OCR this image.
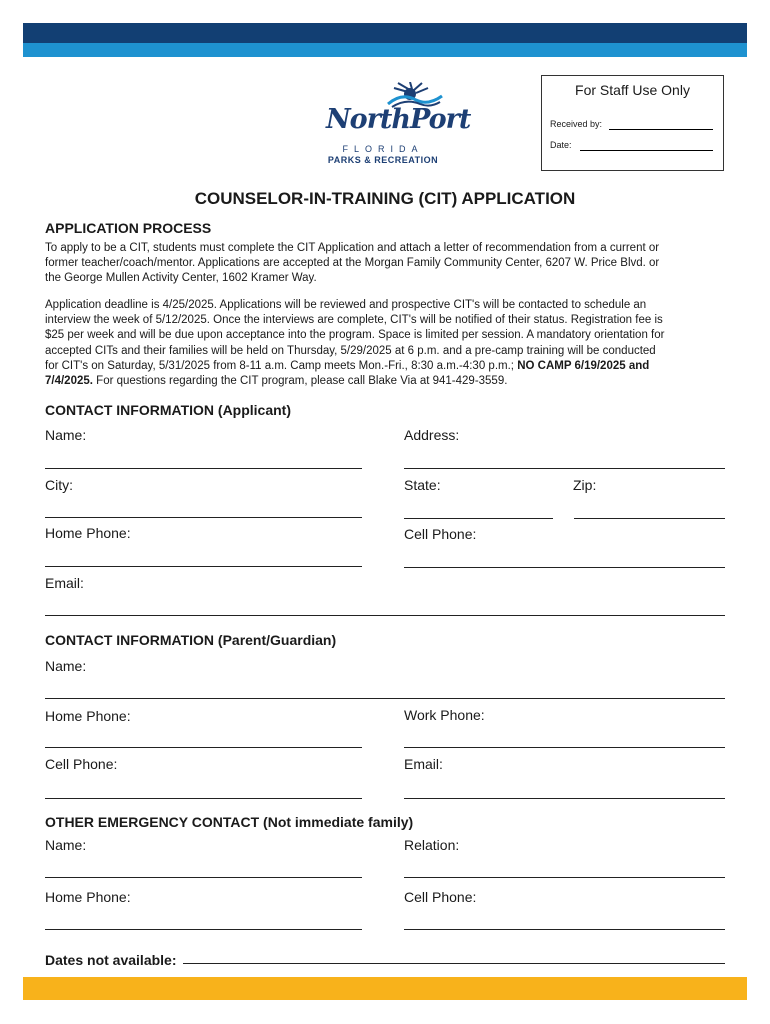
NorthPort
FLORIDA
PARKS & RECREATION
For Staff Use Only
Received by:
Date:
COUNSELOR-IN-TRAINING (CIT) APPLICATION
APPLICATION PROCESS
To apply to be a CIT, students must complete the CIT Application and attach a letter of recommendation from a current or
former teacher/coach/mentor. Applications are accepted at the Morgan Family Community Center, 6207 W. Price Blvd. or
the George Mullen Activity Center, 1602 Kramer Way.
Application deadline is 4/25/2025. Applications will be reviewed and prospective CIT's will be contacted to schedule an
interview the week of 5/12/2025. Once the interviews are complete, CIT's will be notified of their status. Registration fee is
$25 per week and will be due upon acceptance into the program. Space is limited per session. A mandatory orientation for
accepted CITs and their families will be held on Thursday, 5/29/2025 at 6 p.m. and a pre-camp training will be conducted
for CIT's on Saturday, 5/31/2025 from 8-11 a.m. Camp meets Mon.-Fri., 8:30 a.m.-4:30 p.m.; NO CAMP 6/19/2025 and
7/4/2025. For questions regarding the CIT program, please call Blake Via at 941-429-3559.
CONTACT INFORMATION (Applicant)
Name:	Address:
City:	State:	Zip:
Home Phone:	Cell Phone:
Email:
CONTACT INFORMATION (Parent/Guardian)
Name:
Home Phone:	Work Phone:
Cell Phone:	Email:
OTHER EMERGENCY CONTACT (Not immediate family)
Name:	Relation:
Home Phone:	Cell Phone:
Dates not available:
